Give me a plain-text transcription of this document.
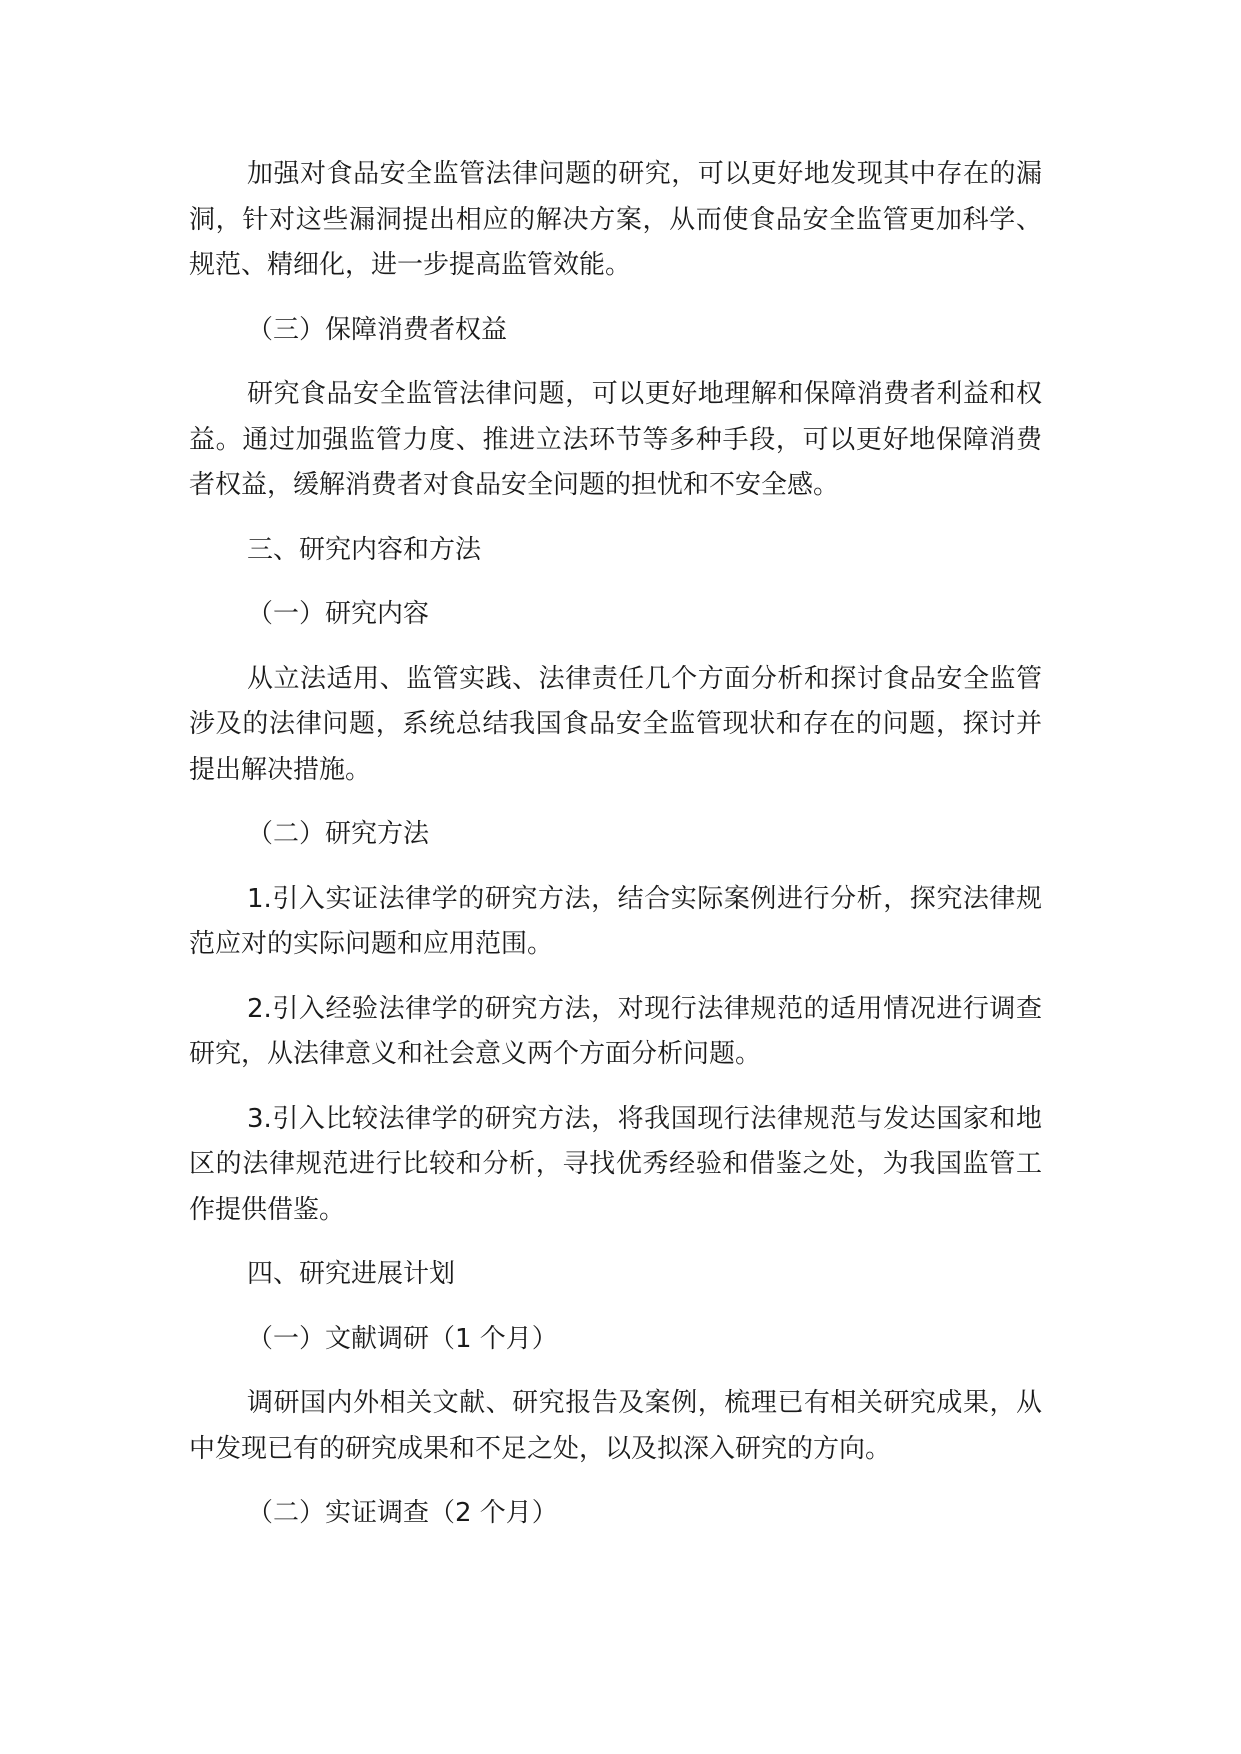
加强对食品安全监管法律问题的研究，可以更好地发现其中存在的漏洞，针对这些漏洞提出相应的解决方案，从而使食品安全监管更加科学、规范、精细化，进一步提高监管效能。

（三）保障消费者权益

研究食品安全监管法律问题，可以更好地理解和保障消费者利益和权益。通过加强监管力度、推进立法环节等多种手段，可以更好地保障消费者权益，缓解消费者对食品安全问题的担忧和不安全感。

三、研究内容和方法

（一）研究内容

从立法适用、监管实践、法律责任几个方面分析和探讨食品安全监管涉及的法律问题，系统总结我国食品安全监管现状和存在的问题，探讨并提出解决措施。

（二）研究方法

1.引入实证法律学的研究方法，结合实际案例进行分析，探究法律规范应对的实际问题和应用范围。

2.引入经验法律学的研究方法，对现行法律规范的适用情况进行调查研究，从法律意义和社会意义两个方面分析问题。

3.引入比较法律学的研究方法，将我国现行法律规范与发达国家和地区的法律规范进行比较和分析，寻找优秀经验和借鉴之处，为我国监管工作提供借鉴。

四、研究进展计划

（一）文献调研（1 个月）

调研国内外相关文献、研究报告及案例，梳理已有相关研究成果，从中发现已有的研究成果和不足之处，以及拟深入研究的方向。

（二）实证调查（2 个月）
